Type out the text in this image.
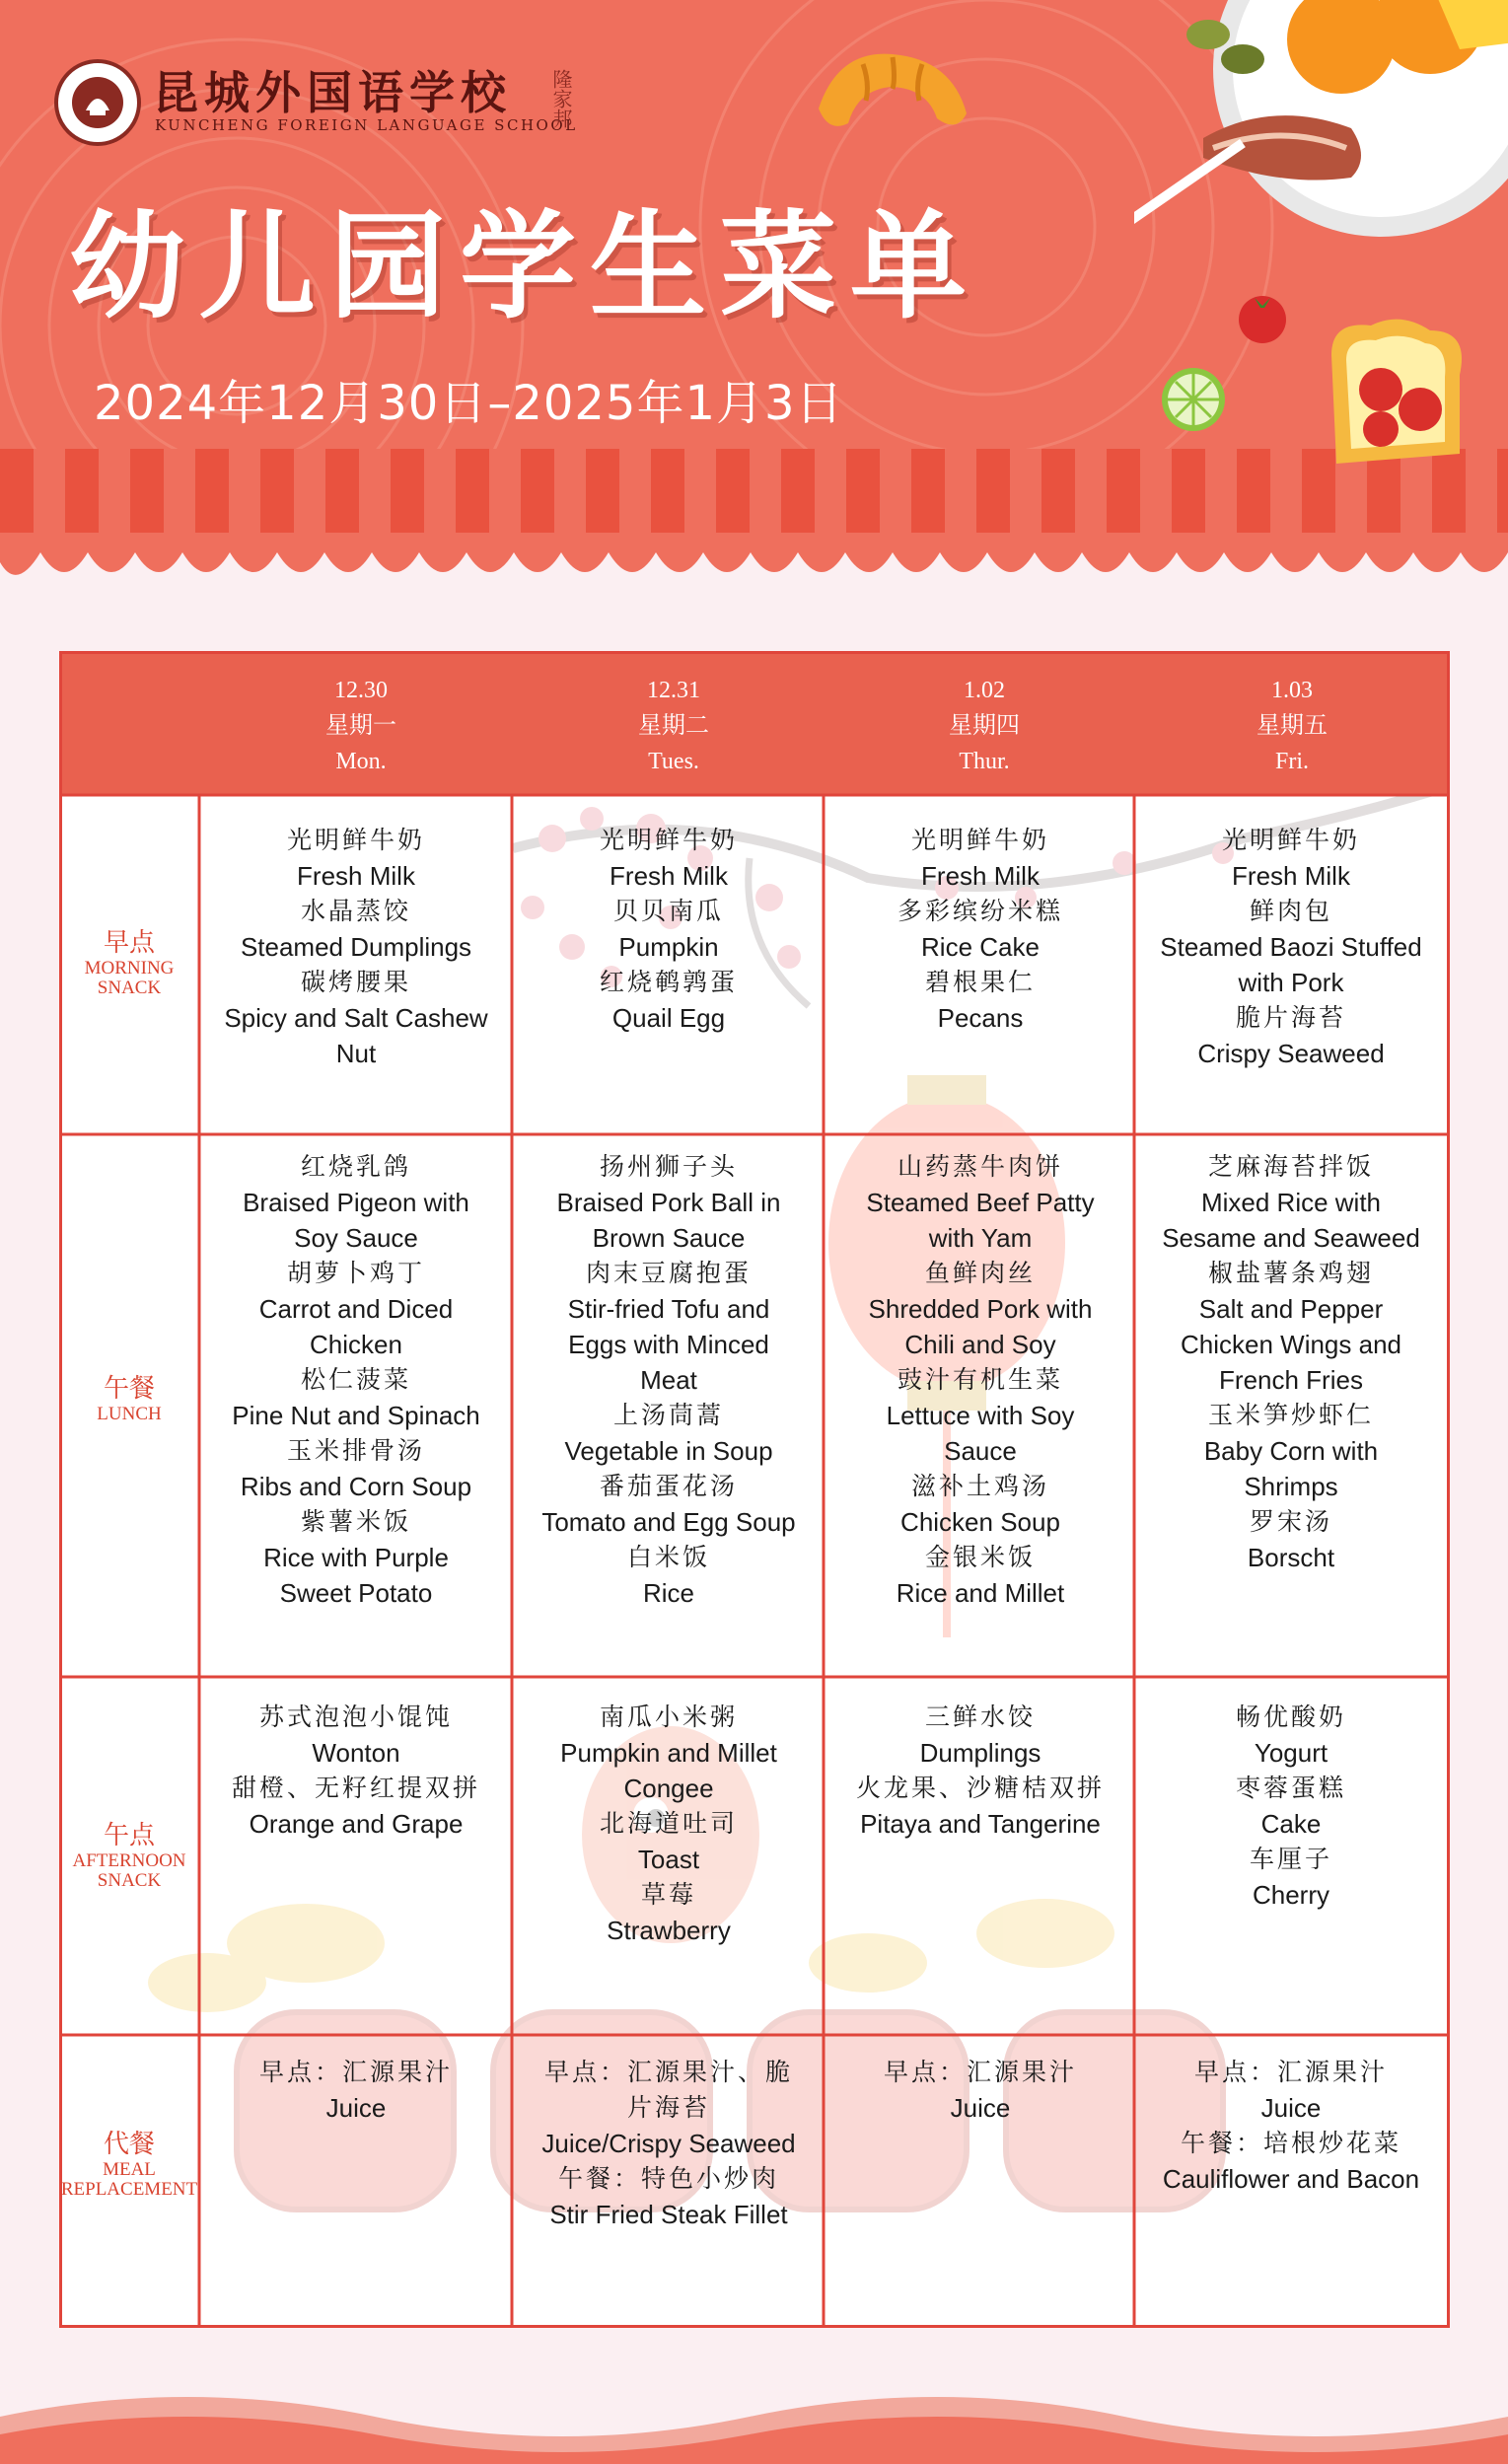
昆城外国语学校
KUNCHENG FOREIGN LANGUAGE SCHOOL
隆家邦
幼儿园学生菜单
2024年12月30日–2025年1月3日
12.30
星期一
Mon.
12.31
星期二
Tues.
1.02
星期四
Thur.
1.03
星期五
Fri.
早点
MORNING
SNACK
午餐
LUNCH
午点
AFTERNOON
SNACK
代餐
MEAL
REPLACEMENT
光明鲜牛奶
Fresh Milk
水晶蒸饺
Steamed Dumplings
碳烤腰果
Spicy and Salt Cashew
Nut
光明鲜牛奶
Fresh Milk
贝贝南瓜
Pumpkin
红烧鹌鹑蛋
Quail Egg
光明鲜牛奶
Fresh Milk
多彩缤纷米糕
Rice Cake
碧根果仁
Pecans
光明鲜牛奶
Fresh Milk
鲜肉包
Steamed Baozi Stuffed
with Pork
脆片海苔
Crispy Seaweed
红烧乳鸽
Braised Pigeon with
Soy Sauce
胡萝卜鸡丁
Carrot and Diced
Chicken
松仁菠菜
Pine Nut and Spinach
玉米排骨汤
Ribs and Corn Soup
紫薯米饭
Rice with Purple
Sweet Potato
扬州狮子头
Braised Pork Ball in
Brown Sauce
肉末豆腐抱蛋
Stir-fried Tofu and
Eggs with Minced
Meat
上汤茼蒿
Vegetable in Soup
番茄蛋花汤
Tomato and Egg Soup
白米饭
Rice
山药蒸牛肉饼
Steamed Beef Patty
with Yam
鱼鲜肉丝
Shredded Pork with
Chili and Soy
豉汁有机生菜
Lettuce with Soy
Sauce
滋补土鸡汤
Chicken Soup
金银米饭
Rice and Millet
芝麻海苔拌饭
Mixed Rice with
Sesame and Seaweed
椒盐薯条鸡翅
Salt and Pepper
Chicken Wings and
French Fries
玉米笋炒虾仁
Baby Corn with
Shrimps
罗宋汤
Borscht
苏式泡泡小馄饨
Wonton
甜橙、无籽红提双拼
Orange and Grape
南瓜小米粥
Pumpkin and Millet
Congee
北海道吐司
Toast
草莓
Strawberry
三鲜水饺
Dumplings
火龙果、沙糖桔双拼
Pitaya and Tangerine
畅优酸奶
Yogurt
枣蓉蛋糕
Cake
车厘子
Cherry
早点：汇源果汁
Juice
早点：汇源果汁、脆
片海苔
Juice/Crispy Seaweed
午餐：特色小炒肉
Stir Fried Steak Fillet
早点：汇源果汁
Juice
早点：汇源果汁
Juice
午餐：培根炒花菜
Cauliflower and Bacon
